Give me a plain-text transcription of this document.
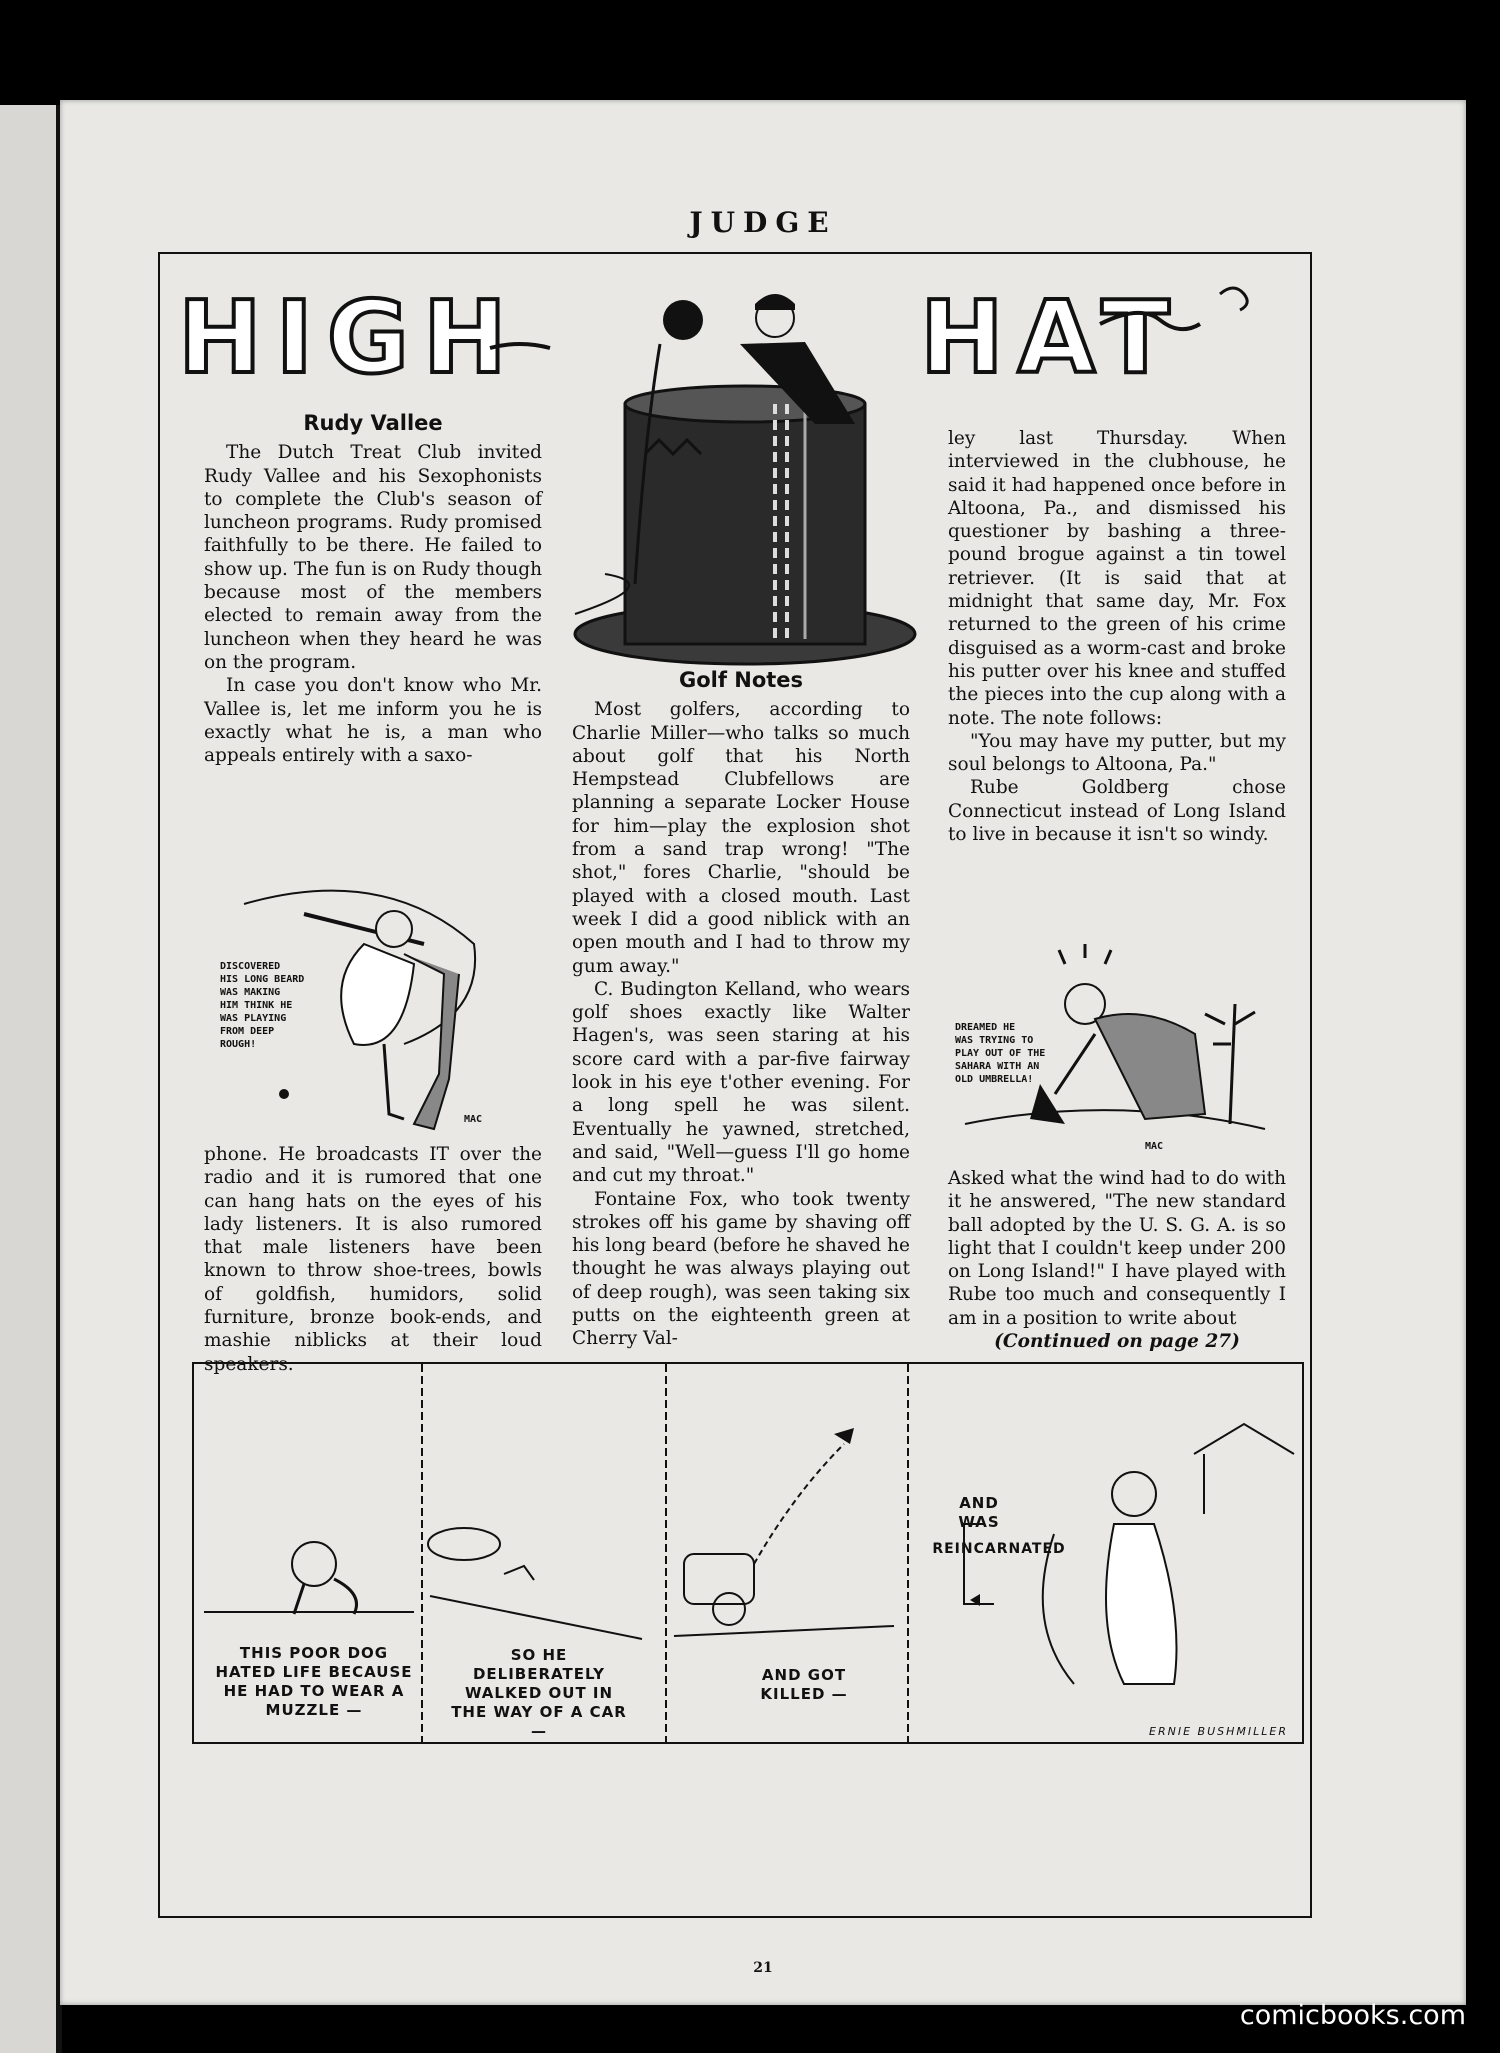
JUDGE
HIGH	HAT
Rudy Vallee

The Dutch Treat Club invited Rudy Vallee and his Sexophonists to complete the Club's season of luncheon programs. Rudy promised faithfully to be there. He failed to show up. The fun is on Rudy though because most of the members elected to remain away from the luncheon when they heard he was on the program.

In case you don't know who Mr. Vallee is, let me inform you he is exactly what he is, a man who appeals entirely with a saxo-

DISCOVERED
HIS LONG BEARD
WAS MAKING
HIM THINK HE
WAS PLAYING
FROM DEEP
ROUGH!
MAC

phone. He broadcasts IT over the radio and it is rumored that one can hang hats on the eyes of his lady listeners. It is also rumored that male listeners have been known to throw shoe-trees, bowls of goldfish, humidors, solid furniture, bronze book-ends, and mashie niblicks at their loud speakers.

Golf Notes

Most golfers, according to Charlie Miller—who talks so much about golf that his North Hempstead Clubfellows are planning a separate Locker House for him—play the explosion shot from a sand trap wrong! "The shot," fores Charlie, "should be played with a closed mouth. Last week I did a good niblick with an open mouth and I had to throw my gum away."

C. Budington Kelland, who wears golf shoes exactly like Walter Hagen's, was seen staring at his score card with a par-five fairway look in his eye t'other evening. For a long spell he was silent. Eventually he yawned, stretched, and said, "Well—guess I'll go home and cut my throat."

Fontaine Fox, who took twenty strokes off his game by shaving off his long beard (before he shaved he thought he was always playing out of deep rough), was seen taking six putts on the eighteenth green at Cherry Val-

ley last Thursday. When interviewed in the clubhouse, he said it had happened once before in Altoona, Pa., and dismissed his questioner by bashing a three-pound brogue against a tin towel retriever. (It is said that at midnight that same day, Mr. Fox returned to the green of his crime disguised as a worm-cast and broke his putter over his knee and stuffed the pieces into the cup along with a note. The note follows:

"You may have my putter, but my soul belongs to Altoona, Pa."

Rube Goldberg chose Connecticut instead of Long Island to live in because it isn't so windy.

DREAMED HE
WAS TRYING TO
PLAY OUT OF THE
SAHARA WITH AN
OLD UMBRELLA!
MAC

Asked what the wind had to do with it he answered, "The new standard ball adopted by the U. S. G. A. is so light that I couldn't keep under 200 on Long Island!" I have played with Rube too much and consequently I am in a position to write about

(Continued on page 27)

THIS POOR DOG HATED LIFE BECAUSE HE HAD TO WEAR A MUZZLE —
SO HE DELIBERATELY WALKED OUT IN THE WAY OF A CAR —
AND GOT KILLED —
AND WAS
REINCARNATED
ERNIE BUSHMILLER
21
comicbooks.com
